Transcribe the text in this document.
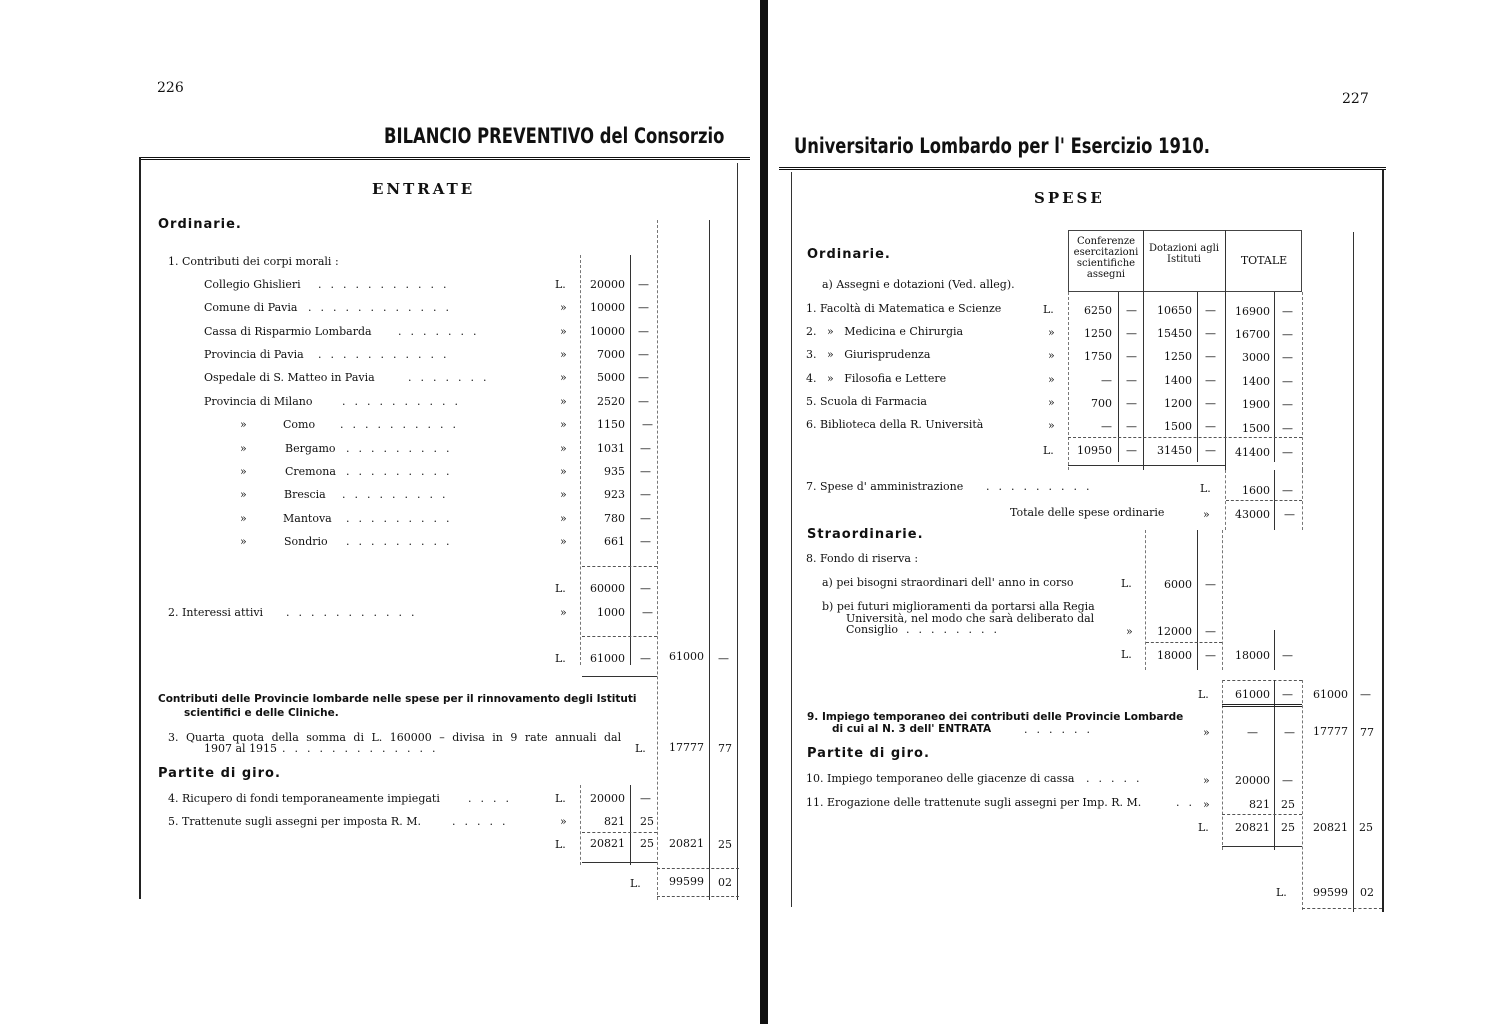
226
BILANCIO PREVENTIVO del Consorzio
ENTRATE
Ordinarie.
1. Contributi dei corpi morali :
Collegio Ghislieri ...........	L.	20000 —
Comune di Pavia ............	»	10000 —
Cassa di Risparmio Lombarda .......	»	10000 —
Provincia di Pavia ...........	»	7000 —
Ospedale di S. Matteo in Pavia	.......	»	5000 —
Provincia di Milano	..........	»	2520 —
»	Como ..........	»	1150 —
»	Bergamo .........	»	1031 —
»	Cremona .........	»	935 —
»	Brescia .........	»	923 —
»	Mantova .........	»	780 —
»	Sondrio .........	»	661 —
L.	60000 —
2. Interessi attivi ...........	»	1000 —
L.	61000 —	61000 —
Contributi delle Provincie lombarde nelle spese per il rinnovamento degli Istituti
scientifici e delle Cliniche.
3. Quarta quota della somma di L. 160000 – divisa in 9 rate annuali dal
1907 al 1915 .............	L.	17777 77
Partite di giro.
4. Ricupero di fondi temporaneamente impiegati	....	L.	20000 —
5. Trattenute sugli assegni per imposta R. M.	.....	»	821 25
L.	20821 25	20821 25
L.	99599 02
227
Universitario Lombardo per l' Esercizio 1910.
SPESE
Conferenze esercitazioni scientifiche assegni
Dotazioni agli Istituti	TOTALE
Ordinarie.
a) Assegni e dotazioni (Ved. alleg).
1. Facoltà di Matematica e Scienze	L.	6250 —	10650 —	16900 —
2.   »   Medicina e Chirurgia	»	1250 —	15450 —	16700 —
3.   »   Giurisprudenza	»	1750 —	1250 —	3000 —
4.   »   Filosofia e Lettere	»	— —	1400 —	1400 —
5. Scuola di Farmacia	»	700 —	1200 —	1900 —
6. Biblioteca della R. Università	»	— —	1500 —	1500 —
L.	10950 —	31450 —	41400 —
7. Spese d' amministrazione .........	L.	1600 —
Totale delle spese ordinarie	»	43000 —
Straordinarie.
8. Fondo di riserva :
a) pei bisogni straordinari dell' anno in corso	L.	6000 —
b) pei futuri miglioramenti da portarsi alla Regia
Università, nel modo che sarà deliberato dal
Consiglio ........	»	12000 —
L.	18000 —	18000 —
L.	61000 —	61000 —
9. Impiego temporaneo dei contributi delle Provincie Lombarde
di cui al N. 3 dell' ENTRATA	......	»	— —	17777 77
Partite di giro.
10. Impiego temporaneo delle giacenze di cassa .....	»	20000 —
11. Erogazione delle trattenute sugli assegni per Imp. R. M.	.. »	821 25
L.	20821 25	20821 25
L.	99599 02
